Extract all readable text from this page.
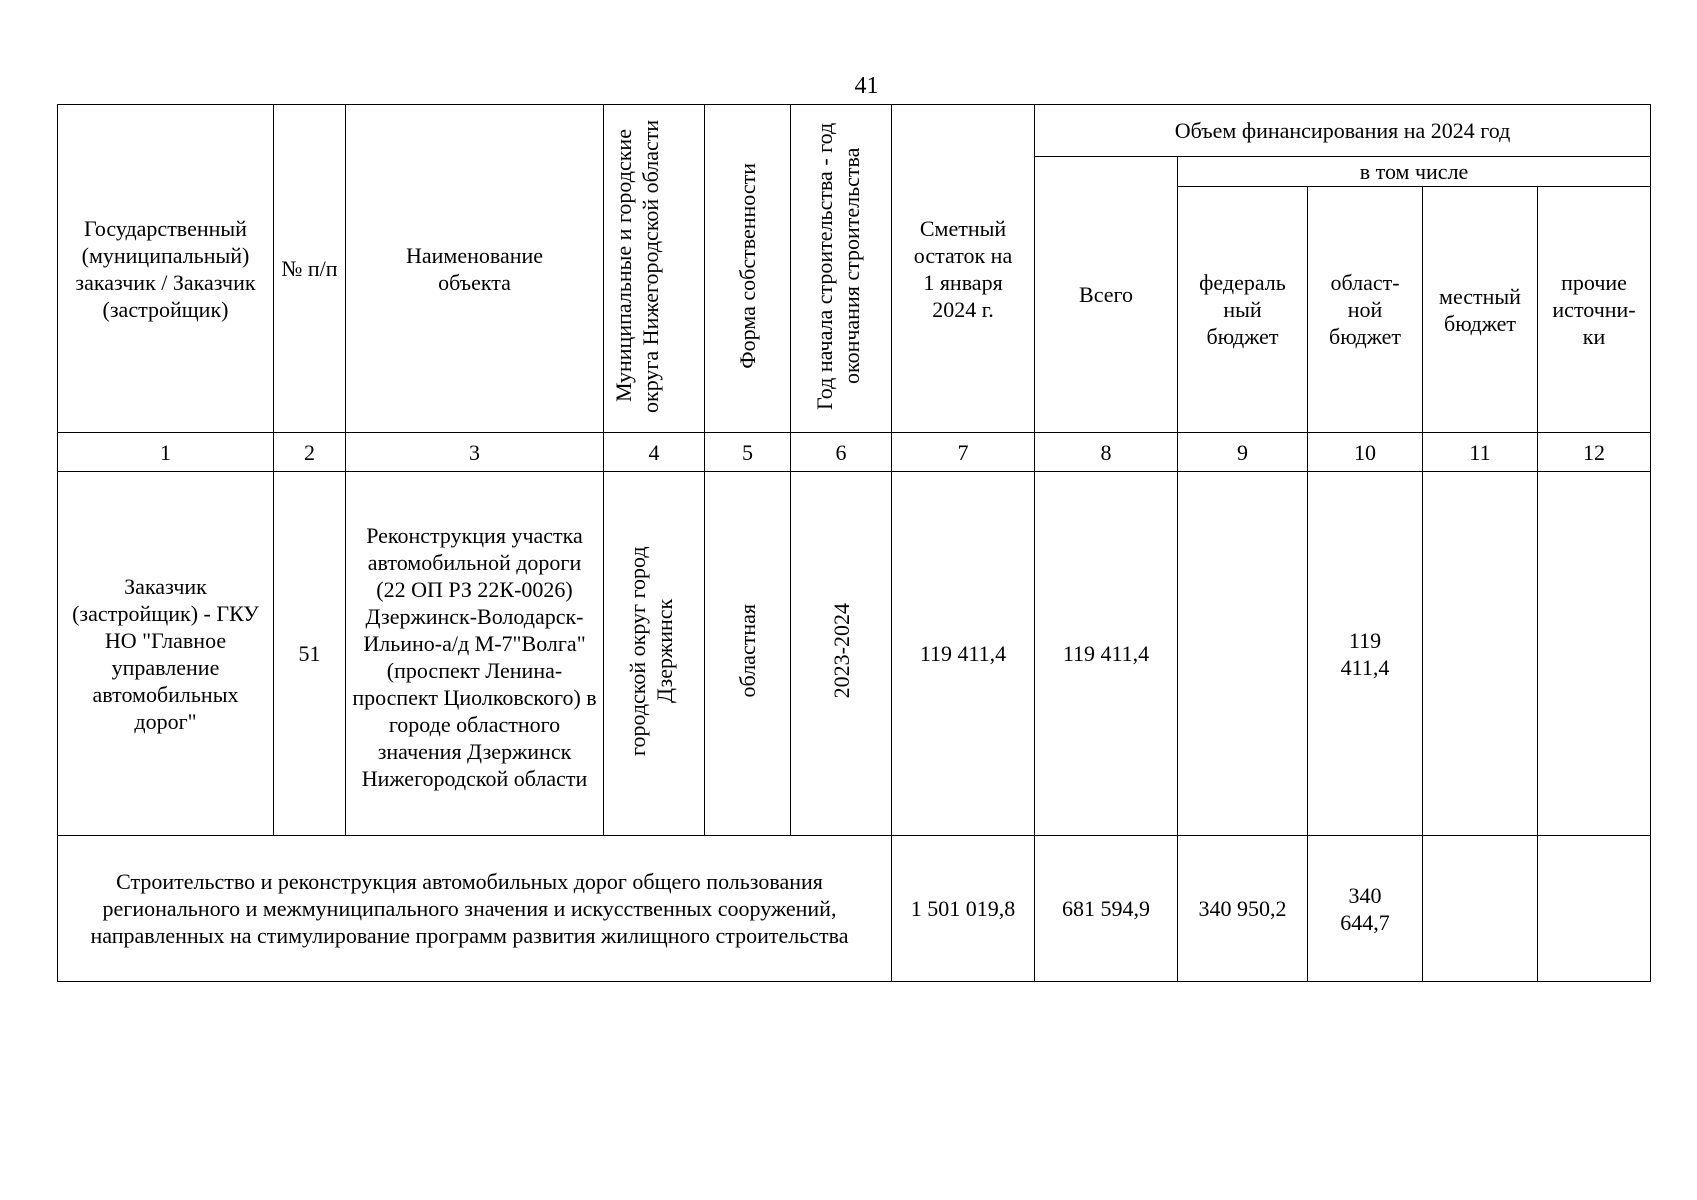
41
Государственный (муниципальный) заказчик / Заказчик (застройщик)	№ п/п	Наименование объекта	Муниципальные и городские округа Нижегородской области	Форма собственности	Год начала строительства - год окончания строительства	Сметный остаток на 1 января 2024 г.	Объем финансирования на 2024 год				
							Всего	в том числе			
								федераль ный бюджет	област- ной бюджет	местный бюджет	прочие источни- ки
1	2	3	4	5	6	7	8	9	10	11	12
Заказчик (застройщик) - ГКУ НО "Главное управление автомобильных дорог"	51	Реконструкция участка автомобильной дороги (22 ОП РЗ 22К-0026) Дзержинск-Володарск-Ильино-а/д М-7"Волга" (проспект Ленина-проспект Циолковского) в городе областного значения Дзержинск Нижегородской области	городской округ город Дзержинск	областная	2023-2024	119 411,4	119 411,4		119 411,4		
Строительство и реконструкция автомобильных дорог общего пользования регионального и межмуниципального значения и искусственных сооружений, направленных на стимулирование программ развития жилищного строительства						1 501 019,8	681 594,9	340 950,2	340 644,7		
